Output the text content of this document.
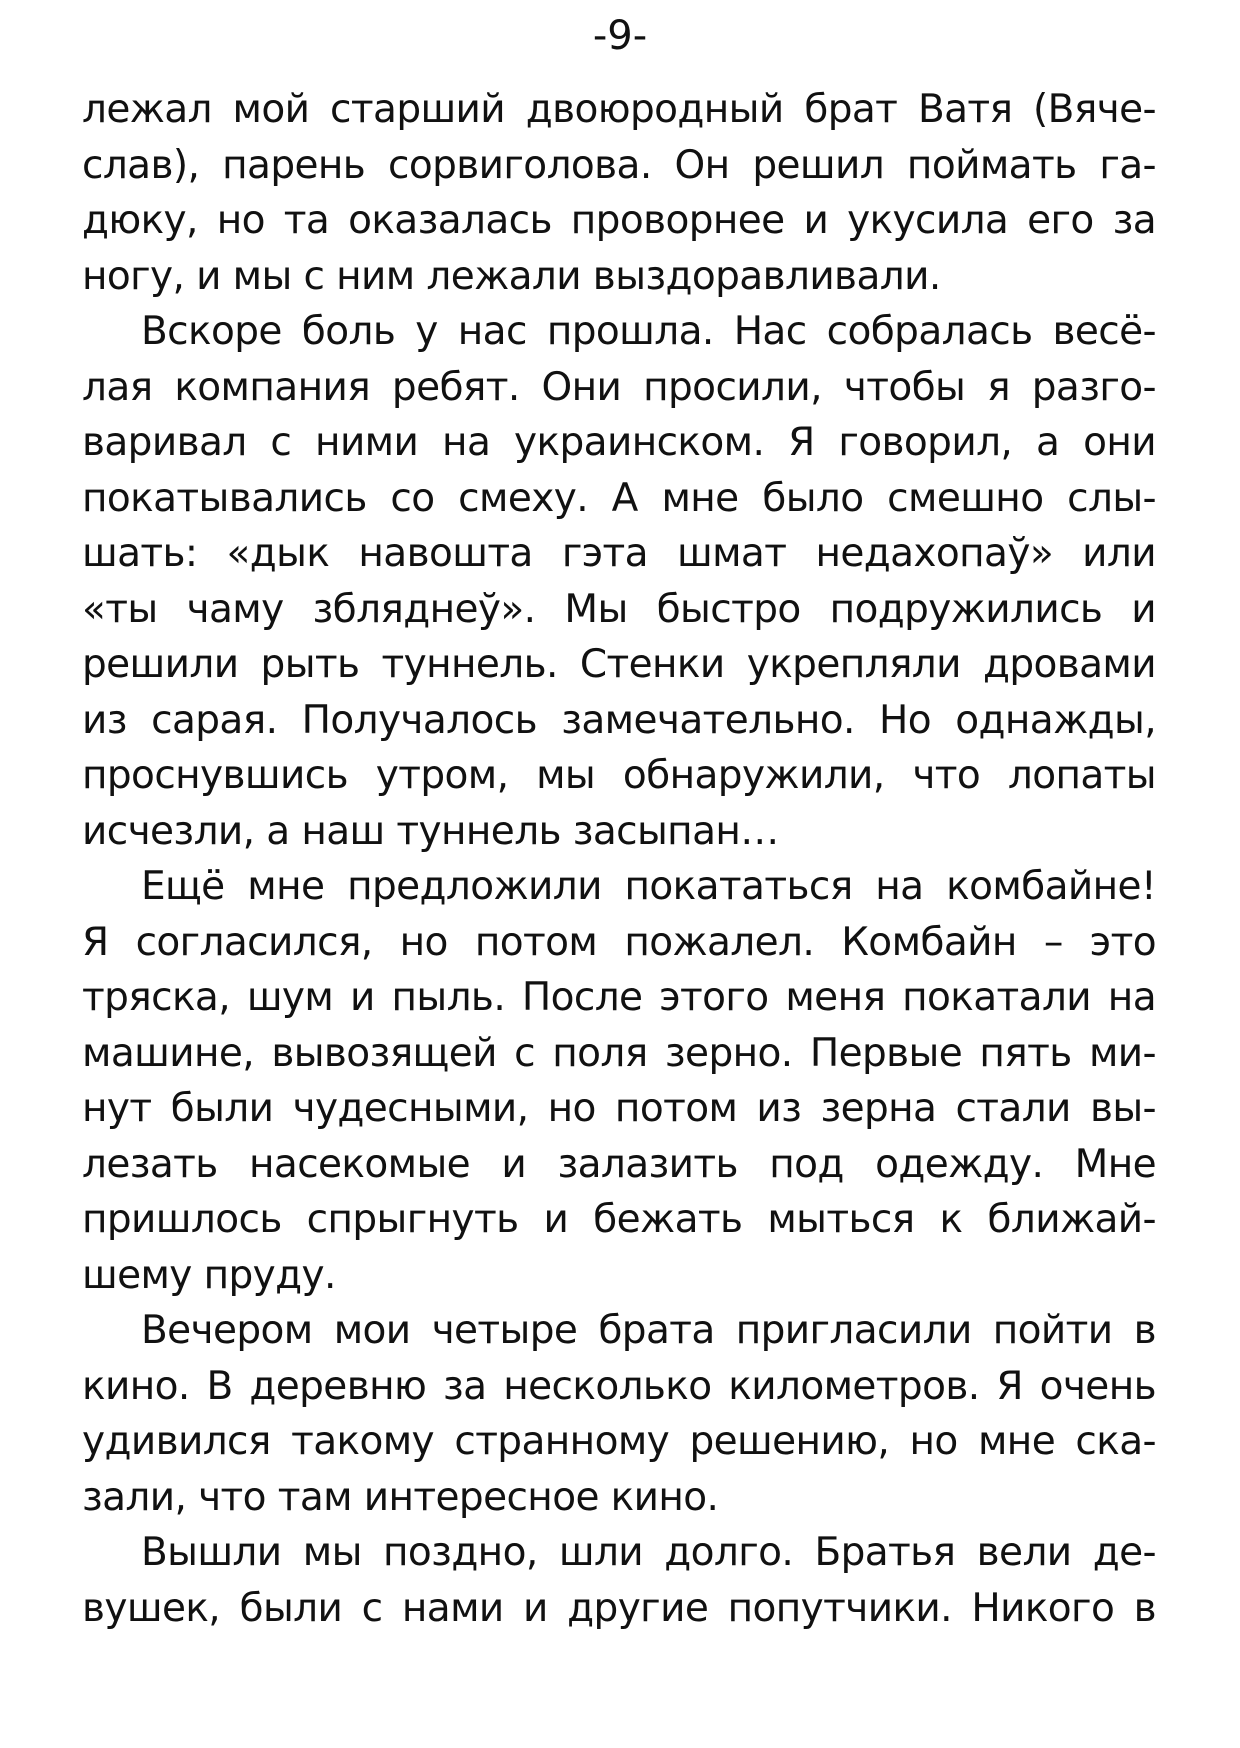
-9-
лежал мой старший двоюродный брат Ватя (Вяче-
слав), парень сорвиголова. Он решил поймать га-
дюку, но та оказалась проворнее и укусила его за
ногу, и мы с ним лежали выздоравливали.
Вскоре боль у нас прошла. Нас собралась весё-
лая компания ребят. Они просили, чтобы я разго-
варивал с ними на украинском. Я говорил, а они
покатывались со смеху. А мне было смешно слы-
шать: «дык навошта гэта шмат недахопаў» или
«ты чаму збляднеў». Мы быстро подружились и
решили рыть туннель. Стенки укрепляли дровами
из сарая. Получалось замечательно. Но однажды,
проснувшись утром, мы обнаружили, что лопаты
исчезли, а наш туннель засыпан…
Ещё мне предложили покататься на комбайне!
Я согласился, но потом пожалел. Комбайн – это
тряска, шум и пыль. После этого меня покатали на
машине, вывозящей с поля зерно. Первые пять ми-
нут были чудесными, но потом из зерна стали вы-
лезать насекомые и залазить под одежду. Мне
пришлось спрыгнуть и бежать мыться к ближай-
шему пруду.
Вечером мои четыре брата пригласили пойти в
кино. В деревню за несколько километров. Я очень
удивился такому странному решению, но мне ска-
зали, что там интересное кино.
Вышли мы поздно, шли долго. Братья вели де-
вушек, были с нами и другие попутчики. Никого в
